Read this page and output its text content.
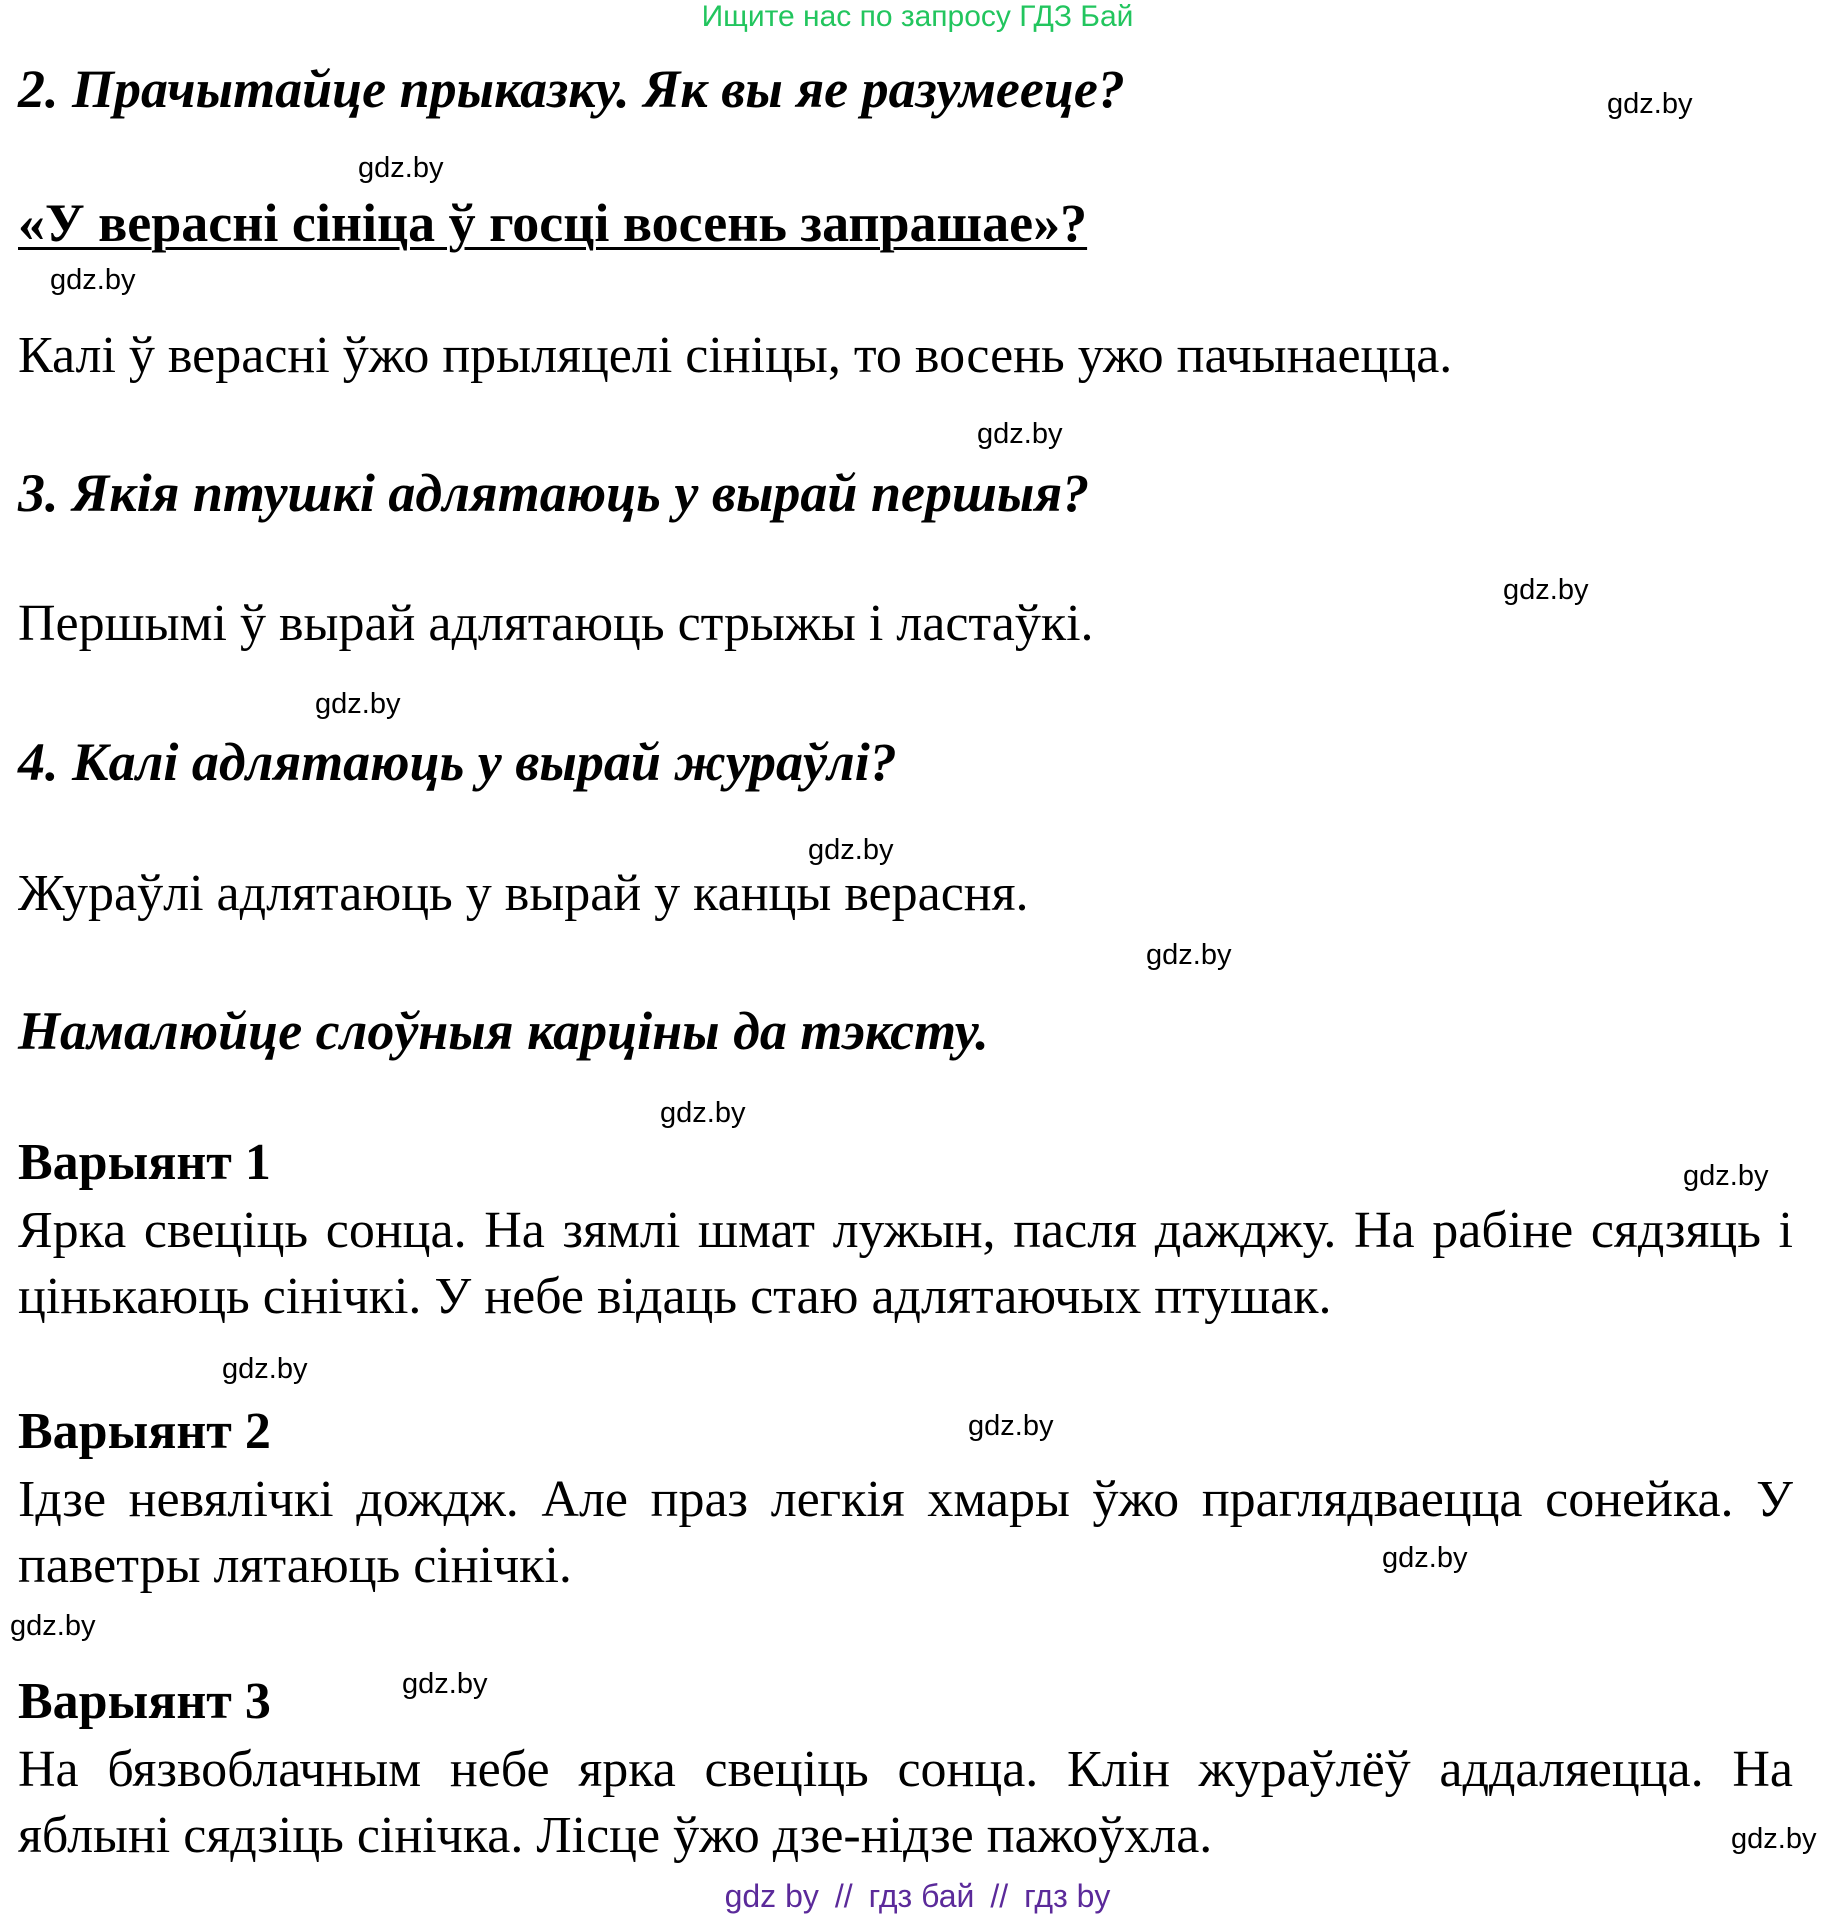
Ищите нас по запросу ГДЗ Бай
2. Прачытайце прыказку. Як вы яе разумееце?
«У верасні сініца ў госці восень запрашае»?
Калі ў верасні ўжо прыляцелі сініцы, то восень ужо пачынаецца.
3. Якія птушкі адлятаюць у вырай першыя?
Першымі ў вырай адлятаюць стрыжы і ластаўкі.
4. Калі адлятаюць у вырай жураўлі?
Жураўлі адлятаюць у вырай у канцы верасня.
Намалюйце слоўныя карціны да тэксту.
Варыянт 1
Ярка свеціць сонца. На зямлі шмат лужын, пасля дажджу. На рабіне сядзяць і цінькаюць сінічкі. У небе відаць стаю адлятаючых птушак.
Варыянт 2
Ідзе невялічкі дождж. Але праз легкія хмары ўжо праглядваецца сонейка. У паветры лятаюць сінічкі.
Варыянт 3
На бязвоблачным небе ярка свеціць сонца. Клін жураўлёў аддаляецца. На яблыні сядзіць сінічка. Лісце ўжо дзе-нідзе пажоўхла.
gdz.by
gdz.by
gdz.by
gdz.by
gdz.by
gdz.by
gdz.by
gdz.by
gdz.by
gdz.by
gdz.by
gdz.by
gdz.by
gdz.by
gdz.by
gdz.by
gdz by // гдз бай // гдз by
